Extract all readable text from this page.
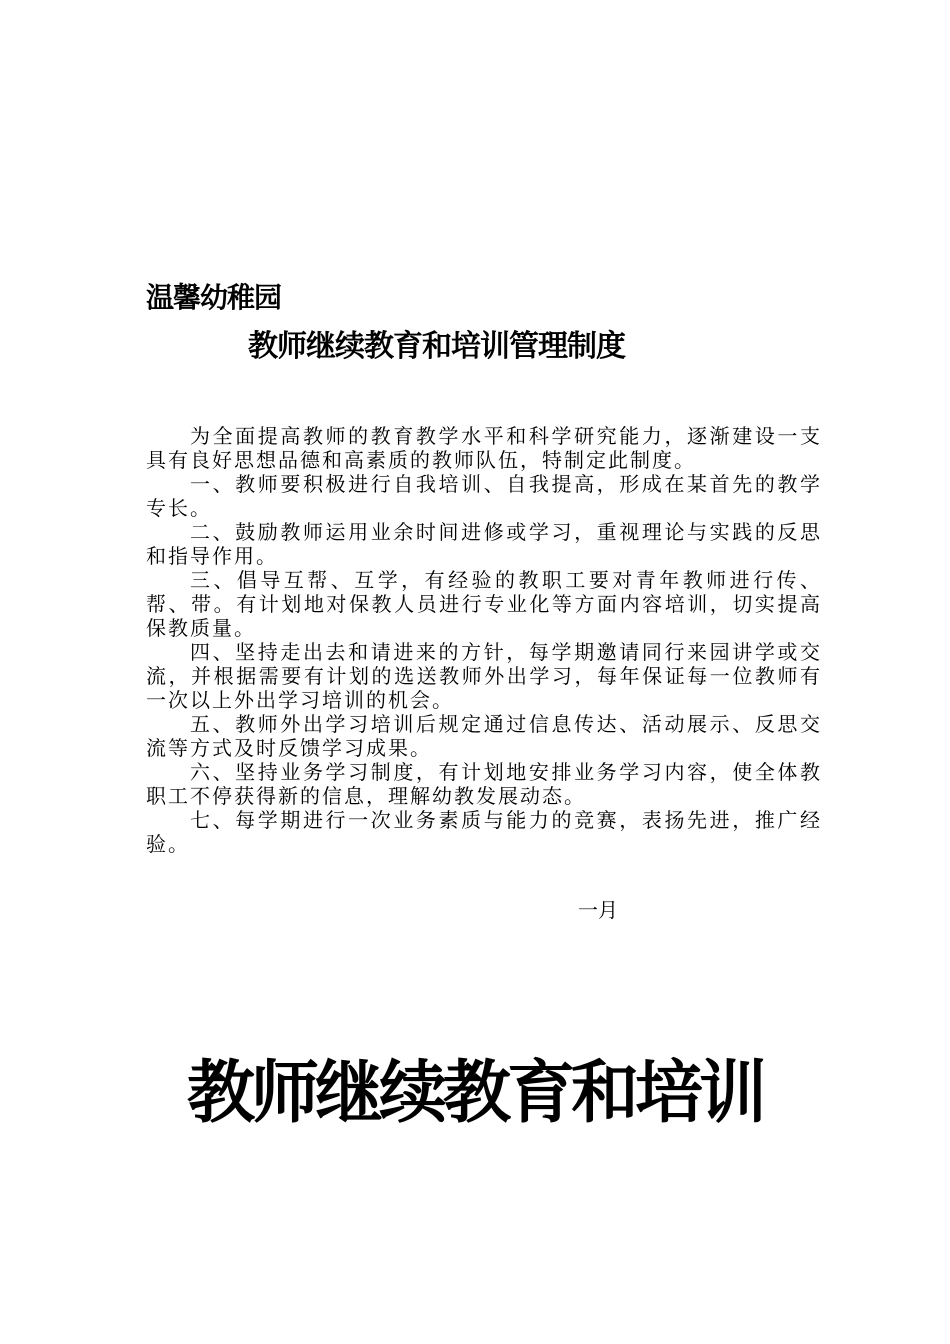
温馨幼稚园
教师继续教育和培训管理制度

为全面提高教师的教育教学水平和科学研究能力，逐渐建设一支具有良好思想品德和高素质的教师队伍，特制定此制度。

一、教师要积极进行自我培训、自我提高，形成在某首先的教学专长。

二、鼓励教师运用业余时间进修或学习，重视理论与实践的反思和指导作用。

三、倡导互帮、互学，有经验的教职工要对青年教师进行传、帮、带。有计划地对保教人员进行专业化等方面内容培训，切实提高保教质量。

四、坚持走出去和请进来的方针，每学期邀请同行来园讲学或交流，并根据需要有计划的选送教师外出学习，每年保证每一位教师有一次以上外出学习培训的机会。

五、教师外出学习培训后规定通过信息传达、活动展示、反思交流等方式及时反馈学习成果。

六、坚持业务学习制度，有计划地安排业务学习内容，使全体教职工不停获得新的信息，理解幼教发展动态。

七、每学期进行一次业务素质与能力的竞赛，表扬先进，推广经验。

一月
教师继续教育和培训
